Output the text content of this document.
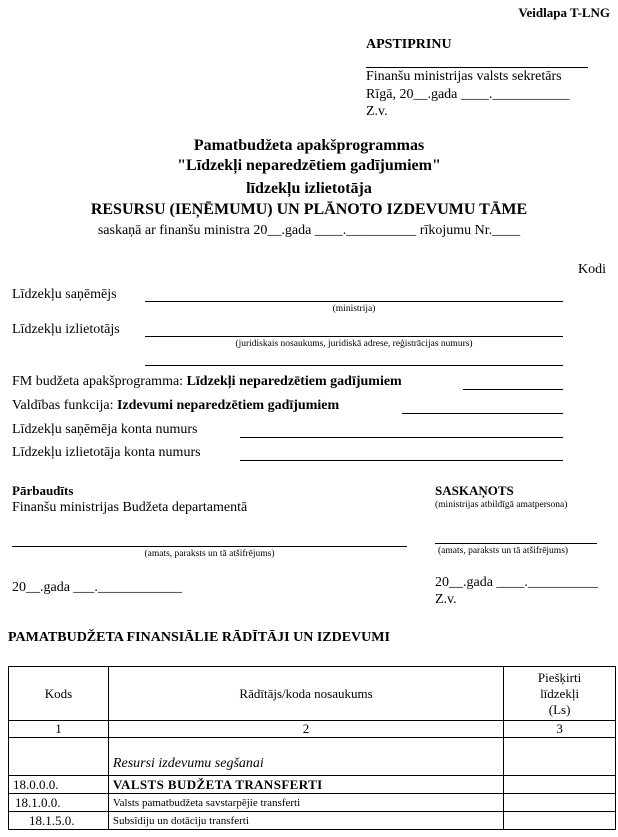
Veidlapa T-LNG
APSTIPRINU
Finanšu ministrijas valsts sekretārs
Rīgā, 20__.gada ____.___________
Z.v.
Pamatbudžeta apakšprogrammas
"Līdzekļi neparedzētiem gadījumiem"
līdzekļu izlietotāja
RESURSU (IEŅĒMUMU) UN PLĀNOTO IZDEVUMU TĀME
saskaņā ar finanšu ministra 20__.gada ____.__________ rīkojumu Nr.____
Kodi
Līdzekļu saņēmējs
(ministrija)
Līdzekļu izlietotājs
(juridiskais nosaukums, juridiskā adrese, reģistrācijas numurs)
FM budžeta apakšprogramma: Līdzekļi neparedzētiem gadījumiem
Valdības funkcija: Izdevumi neparedzētiem gadījumiem
Līdzekļu saņēmēja konta numurs
Līdzekļu izlietotāja konta numurs
Pārbaudīts
Finanšu ministrijas Budžeta departamentā
(amats, paraksts un tā atšifrējums)
20__.gada ___.____________
SASKAŅOTS
(ministrijas atbildīgā amatpersona)
(amats, paraksts un tā atšifrējums)
20__.gada ____.__________
Z.v.
PAMATBUDŽETA FINANSIĀLIE RĀDĪTĀJI UN IZDEVUMI
Kods	Rādītājs/koda nosaukums	Piešķirti
līdzekļi
(Ls)

1	2	3
	Resursi izdevumu segšanai	
18.0.0.0.	VALSTS BUDŽETA TRANSFERTI	
18.1.0.0.	Valsts pamatbudžeta savstarpējie transferti	
18.1.5.0.	Subsīdiju un dotāciju transferti	
